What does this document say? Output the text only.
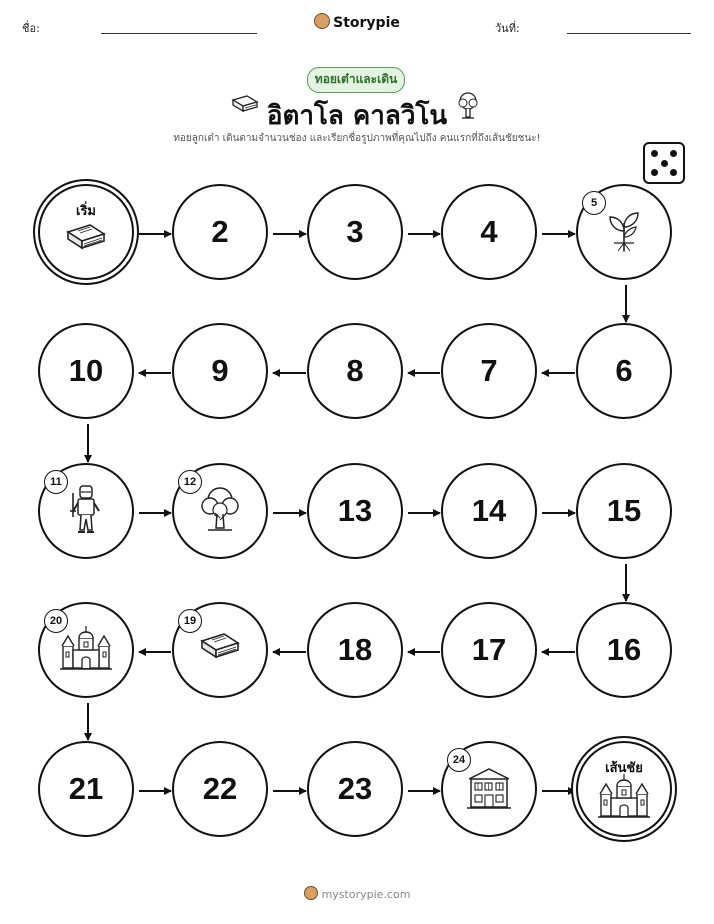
ชื่อ:	Storypie	วันที่:
ทอยเต๋าและเดิน
อิตาโล คาลวิโน
ทอยลูกเต๋า เดินตามจำนวนช่อง และเรียกชื่อรูปภาพที่คุณไปถึง คนแรกที่ถึงเส้นชัยชนะ!
เริ่ม
2	3	4
5
6
7
8
9
10
11	12
13	14	15
16
17
18
19
20
21	22	23
24
เส้นชัย
mystorypie.com
